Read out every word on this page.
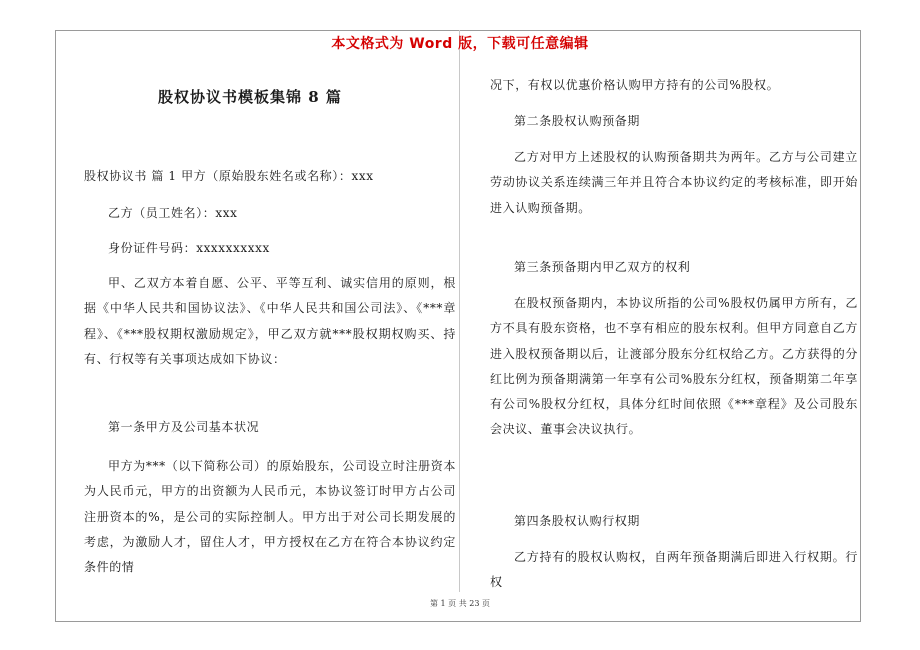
本文格式为 Word 版，下载可任意编辑
股权协议书模板集锦 8 篇

股权协议书 篇 1 甲方（原始股东姓名或名称）：xxx

乙方（员工姓名）：xxx

身份证件号码：xxxxxxxxxx

甲、乙双方本着自愿、公平、平等互利、诚实信用的原则，根据《中华人民共和国协议法》、《中华人民共和国公司法》、《***章程》、《***股权期权激励规定》，甲乙双方就***股权期权购买、持有、行权等有关事项达成如下协议：

第一条甲方及公司基本状况

甲方为***（以下简称公司）的原始股东，公司设立时注册资本为人民币元，甲方的出资额为人民币元，本协议签订时甲方占公司注册资本的%，是公司的实际控制人。甲方出于对公司长期发展的考虑，为激励人才，留住人才，甲方授权在乙方在符合本协议约定条件的情

况下，有权以优惠价格认购甲方持有的公司%股权。

第二条股权认购预备期

乙方对甲方上述股权的认购预备期共为两年。乙方与公司建立劳动协议关系连续满三年并且符合本协议约定的考核标准，即开始进入认购预备期。

第三条预备期内甲乙双方的权利

在股权预备期内，本协议所指的公司%股权仍属甲方所有，乙方不具有股东资格，也不享有相应的股东权利。但甲方同意自乙方进入股权预备期以后，让渡部分股东分红权给乙方。乙方获得的分红比例为预备期满第一年享有公司%股东分红权，预备期第二年享有公司%股权分红权，具体分红时间依照《***章程》及公司股东会决议、董事会决议执行。

第四条股权认购行权期

乙方持有的股权认购权，自两年预备期满后即进入行权期。行权

第 1 页 共 23 页
